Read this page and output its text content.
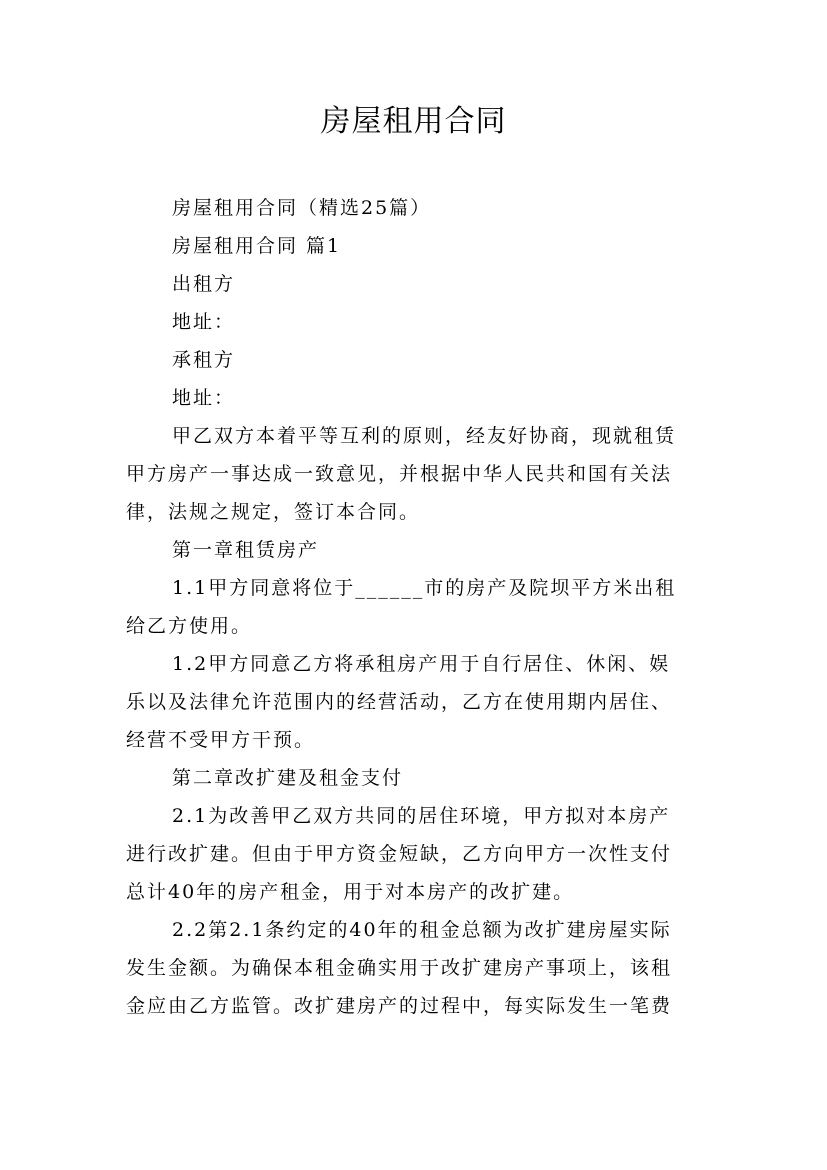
房屋租用合同
房屋租用合同（精选25篇）
房屋租用合同 篇1
出租方
地址：
承租方
地址：
甲乙双方本着平等互利的原则，经友好协商，现就租赁
甲方房产一事达成一致意见，并根据中华人民共和国有关法
律，法规之规定，签订本合同。
第一章租赁房产
1.1甲方同意将位于______市的房产及院坝平方米出租
给乙方使用。
1.2甲方同意乙方将承租房产用于自行居住、休闲、娱
乐以及法律允许范围内的经营活动，乙方在使用期内居住、
经营不受甲方干预。
第二章改扩建及租金支付
2.1为改善甲乙双方共同的居住环境，甲方拟对本房产
进行改扩建。但由于甲方资金短缺，乙方向甲方一次性支付
总计40年的房产租金，用于对本房产的改扩建。
2.2第2.1条约定的40年的租金总额为改扩建房屋实际
发生金额。为确保本租金确实用于改扩建房产事项上，该租
金应由乙方监管。改扩建房产的过程中，每实际发生一笔费
